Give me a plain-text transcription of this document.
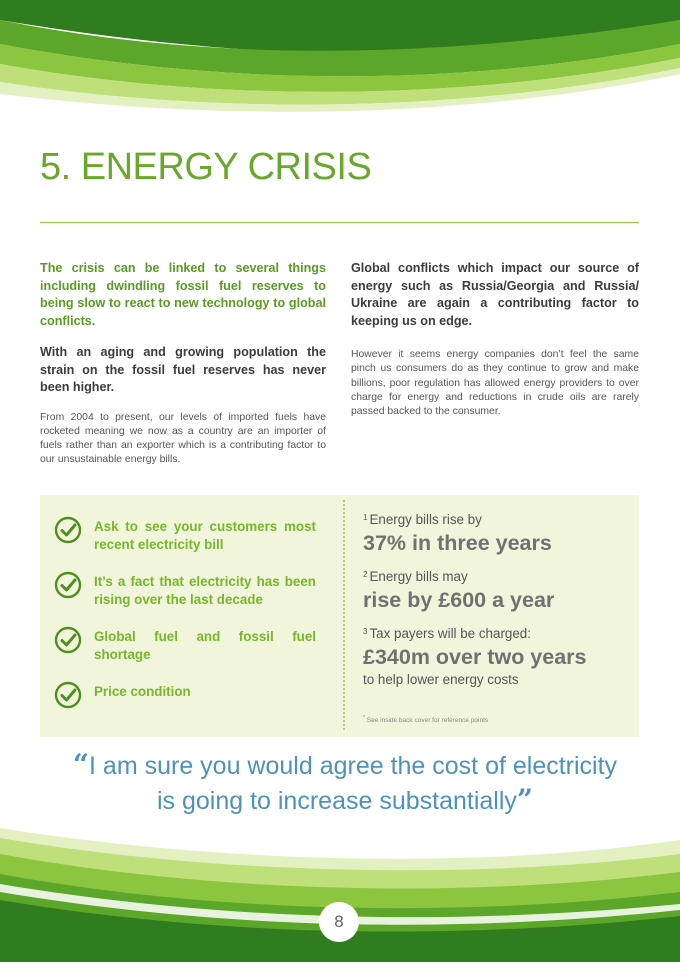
5. ENERGY CRISIS

The crisis can be linked to several things including dwindling fossil fuel reserves to being slow to react to new technology to global conflicts.

With an aging and growing population the strain on the fossil fuel reserves has never been higher.

From 2004 to present, our levels of imported fuels have rocketed meaning we now as a country are an importer of fuels rather than an exporter which is a contributing factor to our unsustainable energy bills.

Global conflicts which impact our source of energy such as Russia/Georgia and Russia/ Ukraine are again a contributing factor to keeping us on edge.

However it seems energy companies don’t feel the same pinch us consumers do as they continue to grow and make billions, poor regulation has allowed energy providers to over charge for energy and reductions in crude oils are rarely passed backed to the consumer.

Ask to see your customers most recent electricity bill
It’s a fact that electricity has been rising over the last decade
Global fuel and fossil fuel shortage
Price condition
$^1$ Energy bills rise by
37% in three years
$^2$ Energy bills may
rise by £600 a year
$^3$ Tax payers will be charged:
£340m over two years
to help lower energy costs
* See inside back cover for reference points
“I am sure you would agree the cost of electricity
is going to increase substantially”
8
